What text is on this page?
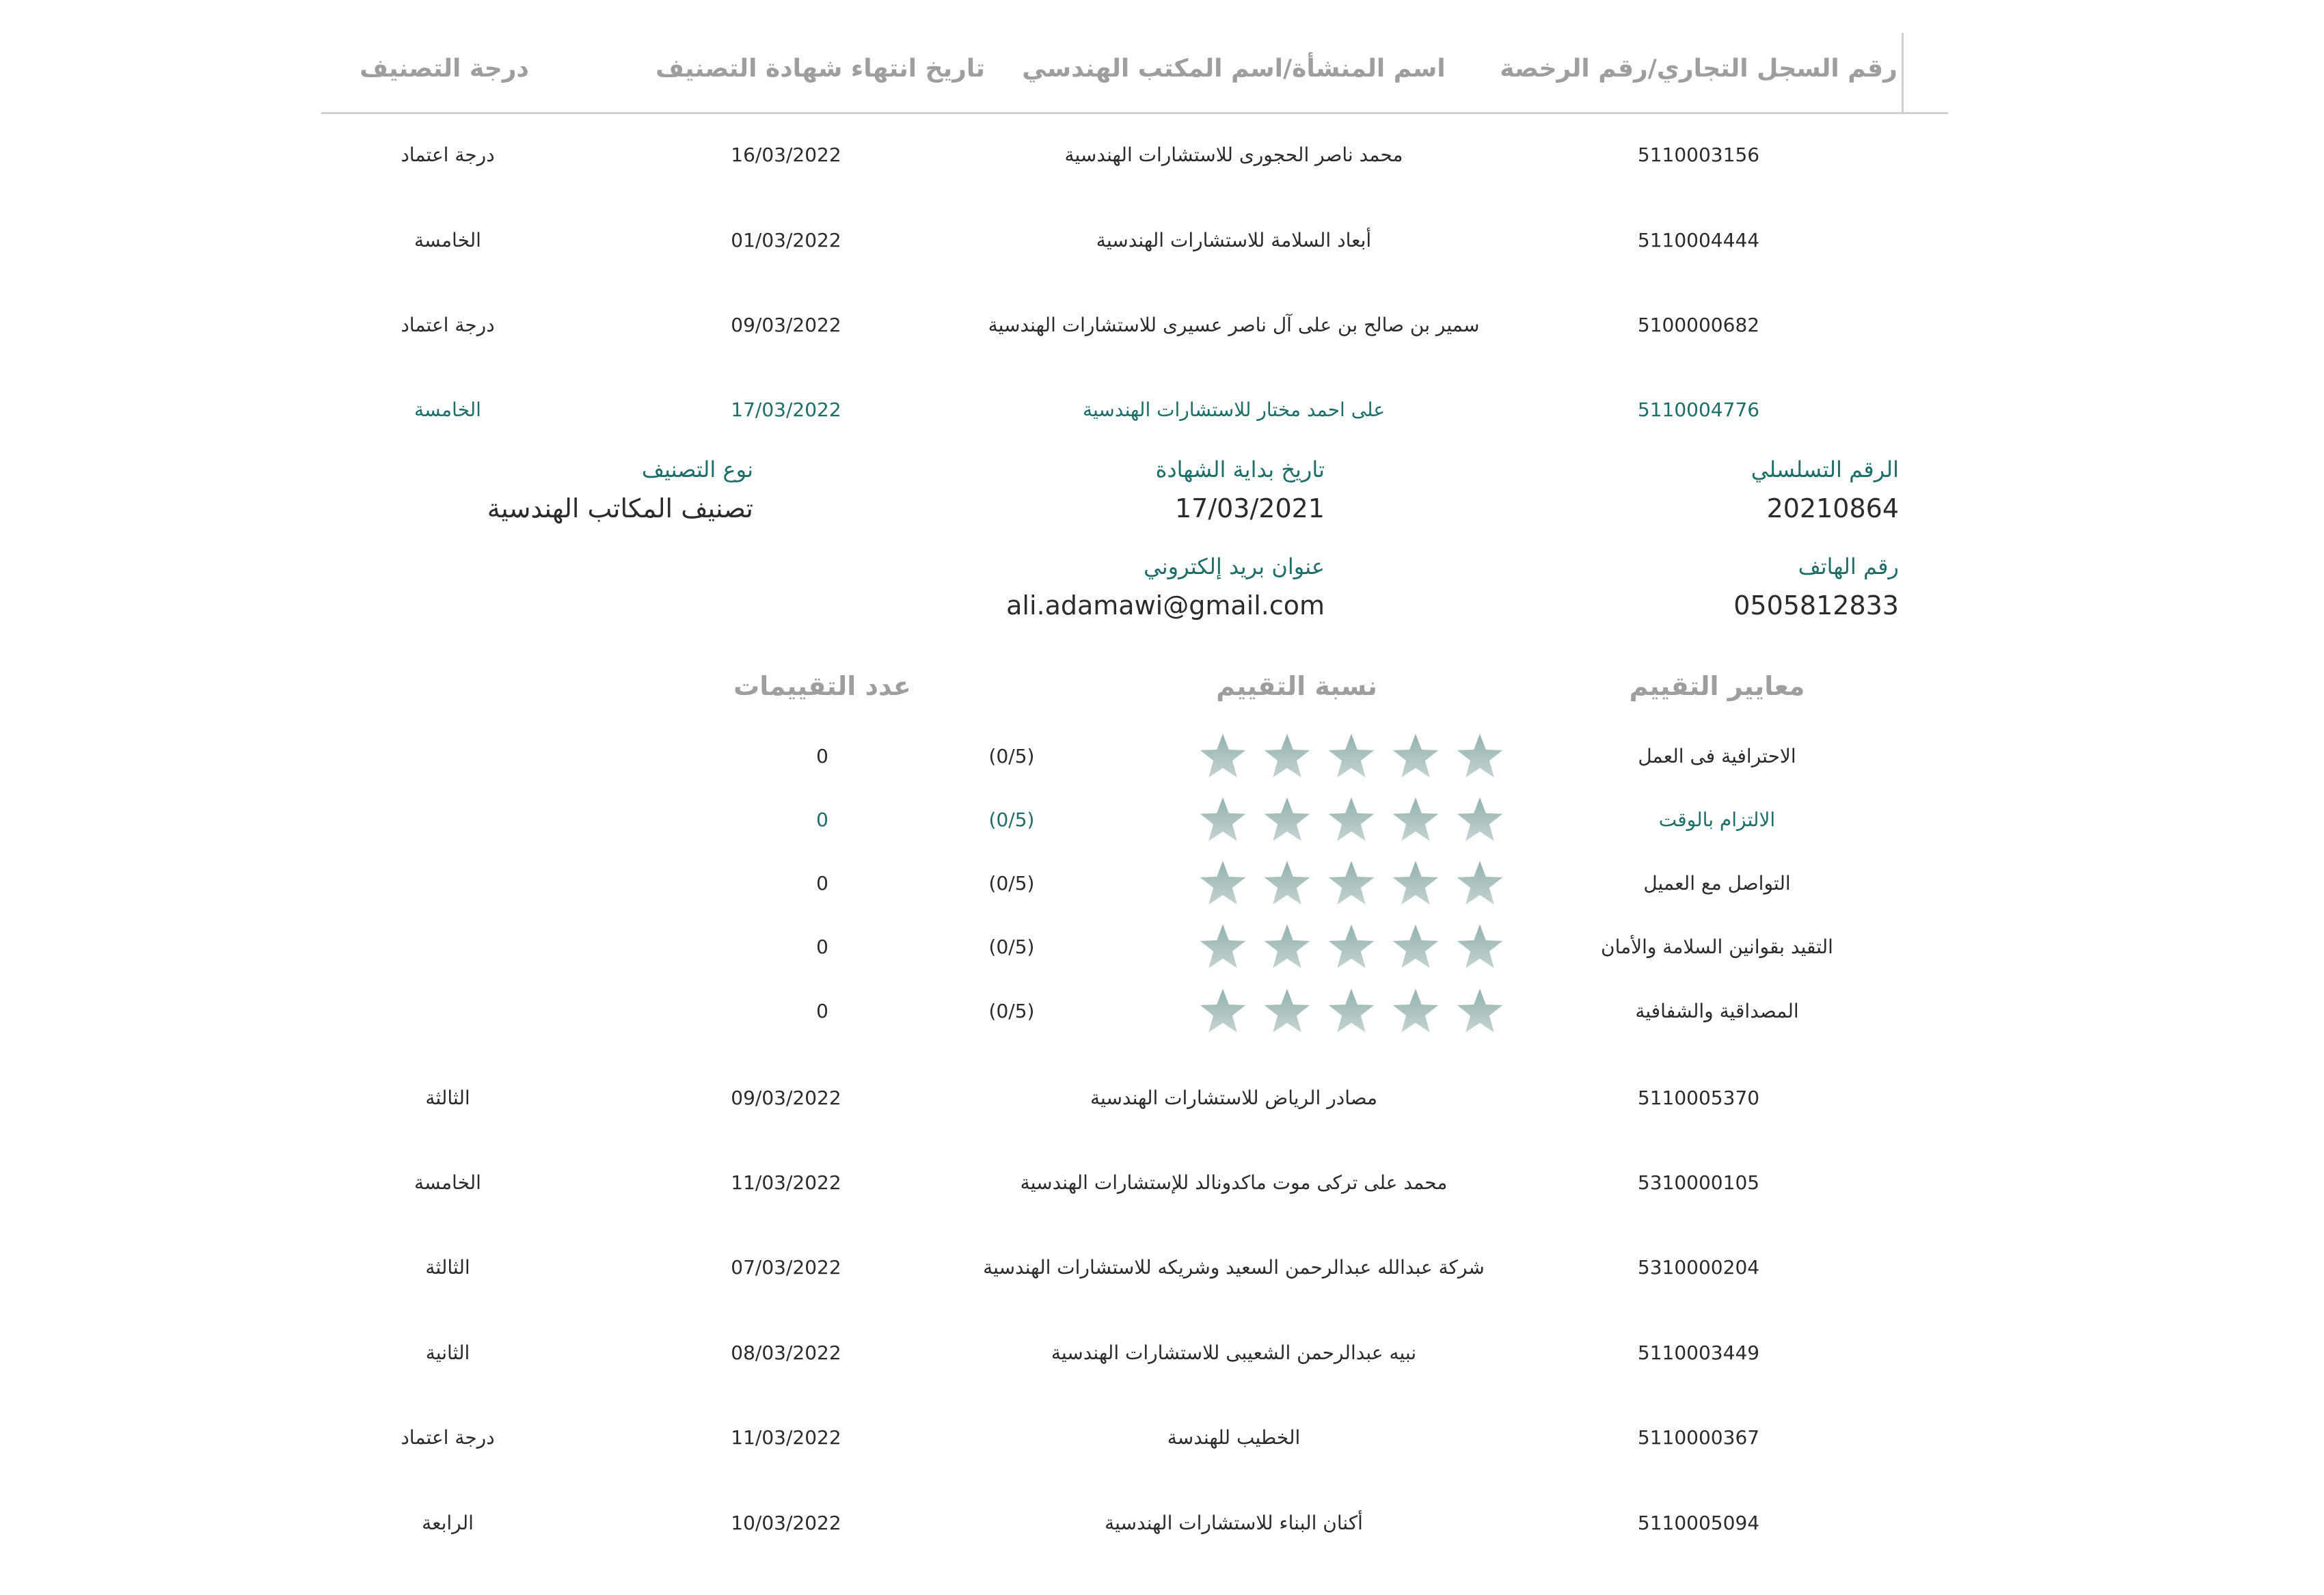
رقم السجل التجاري/رقم الرخصة
اسم المنشأة/اسم المكتب الهندسي
تاريخ انتهاء شهادة التصنيف
درجة التصنيف
5110003156
محمد ناصر الحجورى للاستشارات الهندسية
16/03/2022
درجة اعتماد
5110004444
أبعاد السلامة للاستشارات الهندسية
01/03/2022
الخامسة
5100000682
سمير بن صالح بن على آل ناصر عسيرى للاستشارات الهندسية
09/03/2022
درجة اعتماد
5110004776
على احمد مختار للاستشارات الهندسية
17/03/2022
الخامسة
الرقم التسلسلي
20210864
تاريخ بداية الشهادة
17/03/2021
نوع التصنيف
تصنيف المكاتب الهندسية
رقم الهاتف
0505812833
عنوان بريد إلكتروني
ali.adamawi@gmail.com
معايير التقييم
نسبة التقييم
عدد التقييمات
الاحترافية فى العمل
(0/5)
0
الالتزام بالوقت
(0/5)
0
التواصل مع العميل
(0/5)
0
التقيد بقوانين السلامة والأمان
(0/5)
0
المصداقية والشفافية
(0/5)
0
5110005370
مصادر الرياض للاستشارات الهندسية
09/03/2022
الثالثة
5310000105
محمد على تركى موت ماكدونالد للإستشارات الهندسية
11/03/2022
الخامسة
5310000204
شركة عبدالله عبدالرحمن السعيد وشريكه للاستشارات الهندسية
07/03/2022
الثالثة
5110003449
نبيه عبدالرحمن الشعيبى للاستشارات الهندسية
08/03/2022
الثانية
5110000367
الخطيب للهندسة
11/03/2022
درجة اعتماد
5110005094
أكنان البناء للاستشارات الهندسية
10/03/2022
الرابعة
